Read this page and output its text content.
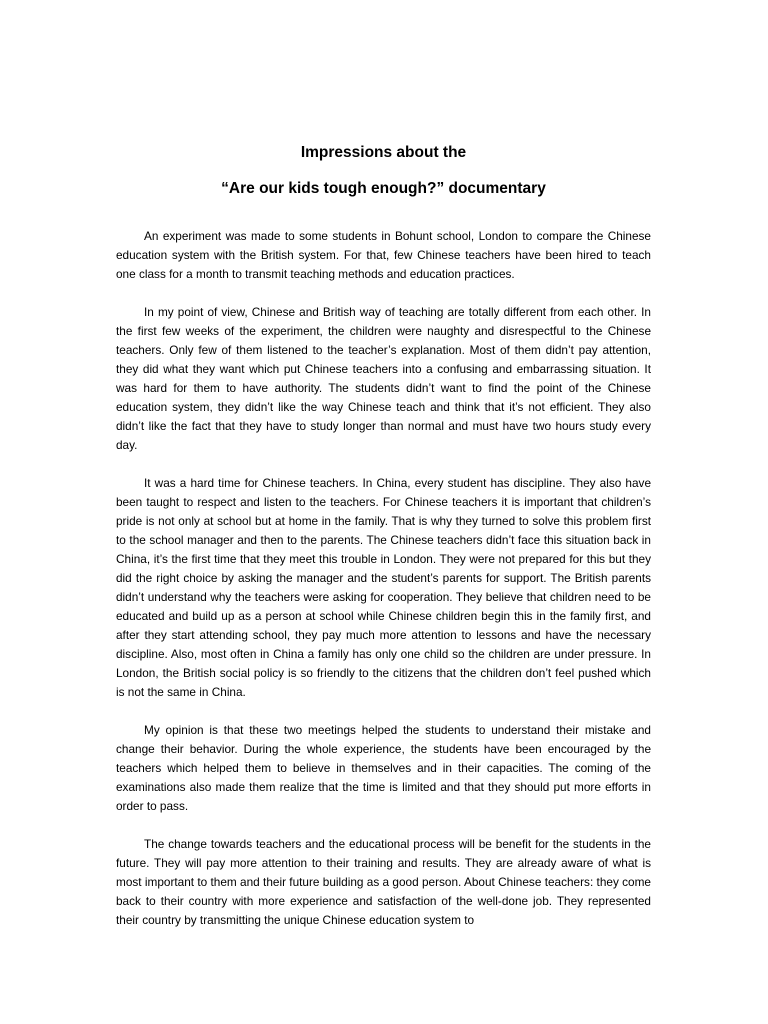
Impressions about the

“Are our kids tough enough?” documentary

An experiment was made to some students in Bohunt school, London to compare the Chinese education system with the British system. For that, few Chinese teachers have been hired to teach one class for a month to transmit teaching methods and education practices.

In my point of view, Chinese and British way of teaching are totally different from each other. In the first few weeks of the experiment, the children were naughty and disrespectful to the Chinese teachers. Only few of them listened to the teacher’s explanation. Most of them didn’t pay attention, they did what they want which put Chinese teachers into a confusing and embarrassing situation. It was hard for them to have authority. The students didn’t want to find the point of the Chinese education system, they didn’t like the way Chinese teach and think that it’s not efficient. They also didn’t like the fact that they have to study longer than normal and must have two hours study every day.

It was a hard time for Chinese teachers. In China, every student has discipline. They also have been taught to respect and listen to the teachers. For Chinese teachers it is important that children’s pride is not only at school but at home in the family. That is why they turned to solve this problem first to the school manager and then to the parents. The Chinese teachers didn’t face this situation back in China, it’s the first time that they meet this trouble in London. They were not prepared for this but they did the right choice by asking the manager and the student’s parents for support. The British parents didn’t understand why the teachers were asking for cooperation. They believe that children need to be educated and build up as a person at school while Chinese children begin this in the family first, and after they start attending school, they pay much more attention to lessons and have the necessary discipline. Also, most often in China a family has only one child so the children are under pressure. In London, the British social policy is so friendly to the citizens that the children don’t feel pushed which is not the same in China.

My opinion is that these two meetings helped the students to understand their mistake and change their behavior. During the whole experience, the students have been encouraged by the teachers which helped them to believe in themselves and in their capacities. The coming of the examinations also made them realize that the time is limited and that they should put more efforts in order to pass.

The change towards teachers and the educational process will be benefit for the students in the future. They will pay more attention to their training and results. They are already aware of what is most important to them and their future building as a good person. About Chinese teachers: they come back to their country with more experience and satisfaction of the well-done job. They represented their country by transmitting the unique Chinese education system to
